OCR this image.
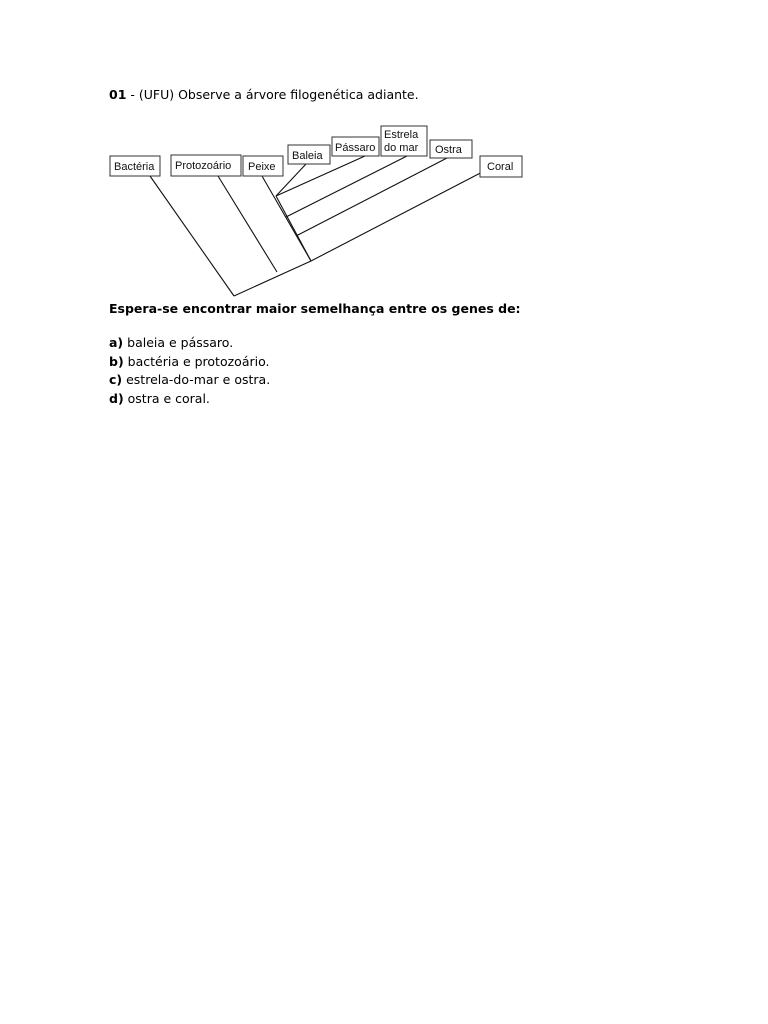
01 - (UFU) Observe a árvore filogenética adiante.
Bactéria Protozoário Peixe
Baleia
Pássaro
Estrela
do mar Ostra
Coral
Espera-se encontrar maior semelhança entre os genes de:
a) baleia e pássaro.
b) bactéria e protozoário.
c) estrela-do-mar e ostra.
d) ostra e coral.
